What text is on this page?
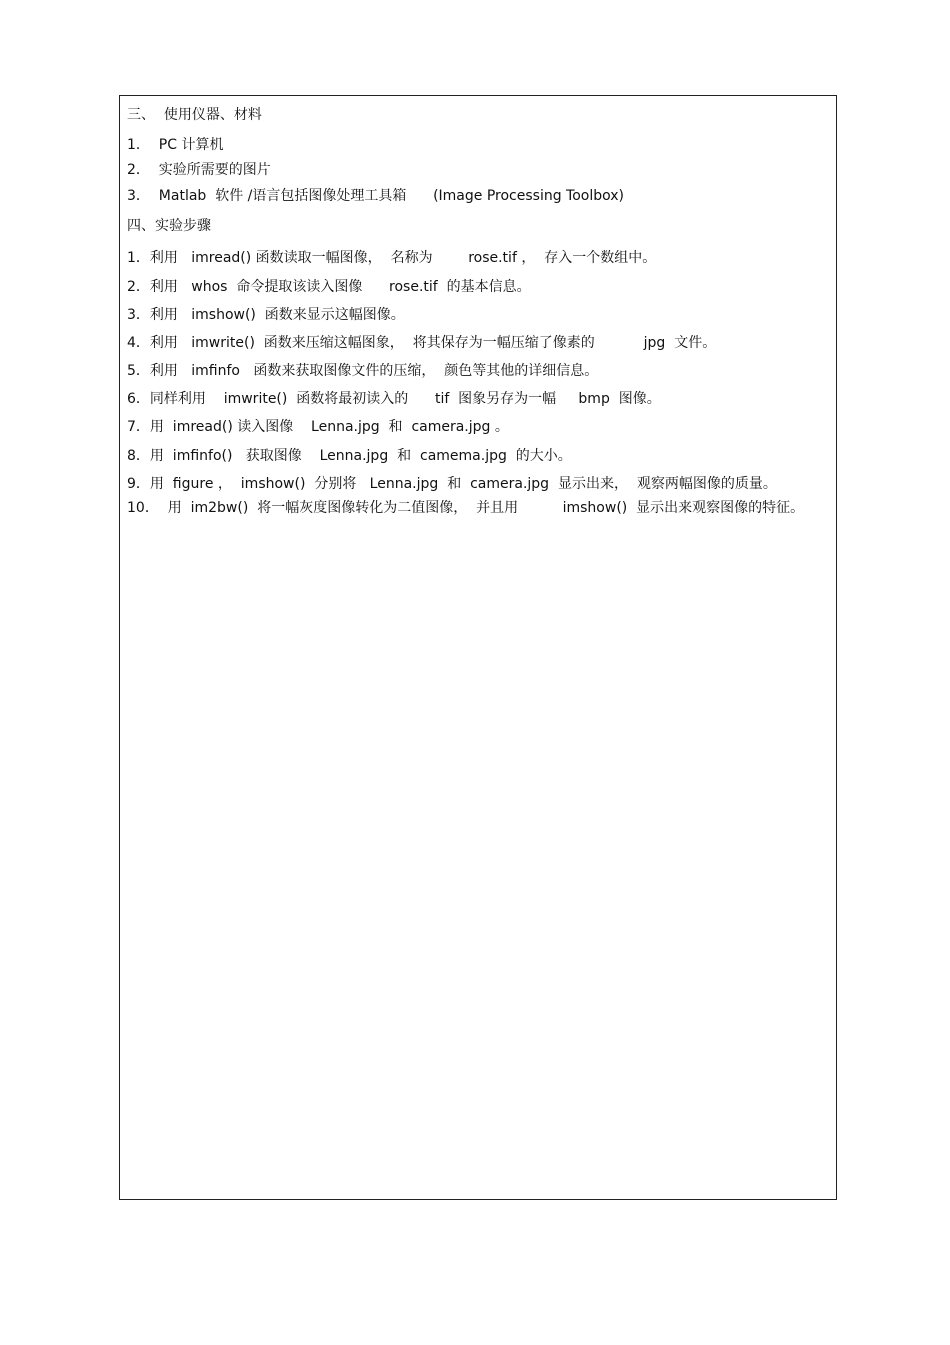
三、  使用仪器、材料
1．  PC 计算机
2．  实验所需要的图片
3．  Matlab  软件 /语言包括图像处理工具箱      (Image Processing Toolbox)
四、实验步骤
1．利用   imread() 函数读取一幅图像，  名称为        rose.tif ，  存入一个数组中。
2．利用   whos  命令提取该读入图像      rose.tif  的基本信息。
3．利用   imshow()  函数来显示这幅图像。
4．利用   imwrite()  函数来压缩这幅图象，  将其保存为一幅压缩了像素的           jpg  文件。
5．利用   imfinfo   函数来获取图像文件的压缩，  颜色等其他的详细信息。
6．同样利用    imwrite()  函数将最初读入的      tif  图象另存为一幅     bmp  图像。
7．用  imread() 读入图像    Lenna.jpg  和  camera.jpg 。
8．用  imfinfo()   获取图像    Lenna.jpg  和  camema.jpg  的大小。
9．用  figure ，  imshow()  分别将   Lenna.jpg  和  camera.jpg  显示出来，  观察两幅图像的质量。
10．  用  im2bw()  将一幅灰度图像转化为二值图像，  并且用          imshow()  显示出来观察图像的特征。
